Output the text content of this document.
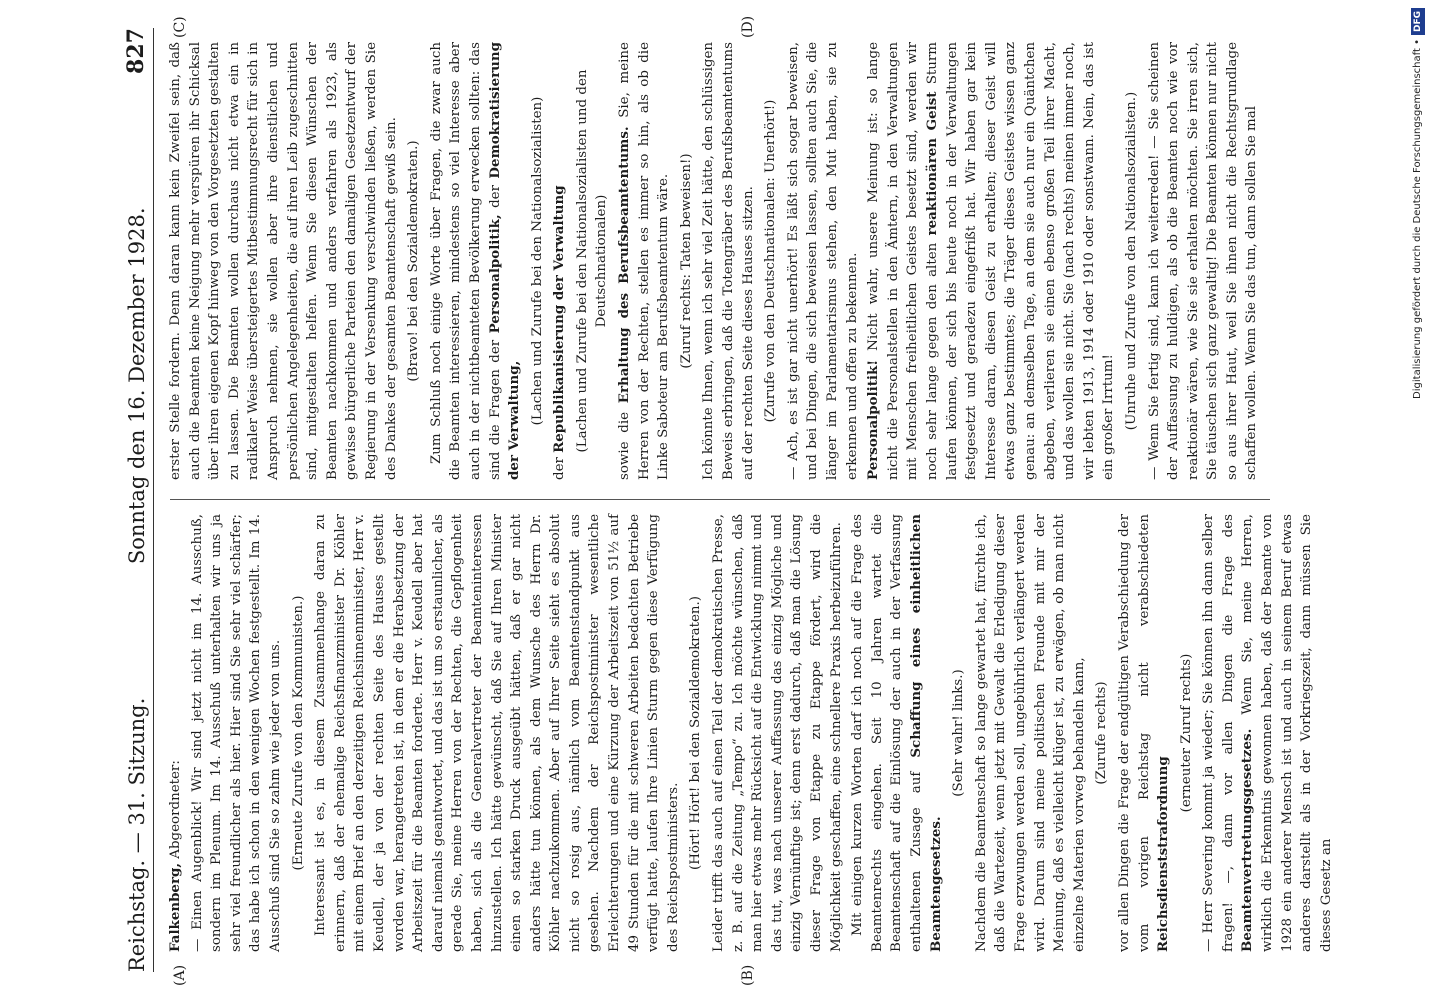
Reichstag. — 31. Sitzung.
Sonntag den 16. Dezember 1928.
827

Falkenberg, Abgeordneter: — Einen Augenblick! Wir sind jetzt nicht im 14. Ausschuß, sondern im Plenum. Im 14. Ausschuß unterhalten wir uns ja sehr viel freundlicher als hier. Hier sind Sie sehr viel schärfer; das habe ich schon in den wenigen Wochen festgestellt. Im 14. Ausschuß sind Sie so zahm wie jeder von uns. (Erneute Zurufe von den Kommunisten.) Interessant ist es, in diesem Zusammenhange daran zu erinnern, daß der ehemalige Reichsfinanzminister Dr. Köhler mit einem Brief an den derzeitigen Reichsinnenminister, Herr v. Keudell, der ja von der rechten Seite des Hauses gestellt worden war, herangetreten ist, in dem er die Herabsetzung der Arbeitszeit für die Beamten forderte. Herr v. Keudell aber hat darauf niemals geantwortet, und das ist um so erstaunlicher, als gerade Sie, meine Herren von der Rechten, die Gepflogenheit haben, sich als die Generalvertreter der Beamteninteressen hinzustellen. Ich hätte gewünscht, daß Sie auf Ihren Minister einen so starken Druck ausgeübt hätten, daß er gar nicht anders hätte tun können, als dem Wunsche des Herrn Dr. Köhler nachzukommen. Aber auf Ihrer Seite sieht es absolut nicht so rosig aus, nämlich vom Beamtenstandpunkt aus gesehen. Nachdem der Reichspostminister wesentliche Erleichterungen und eine Kürzung der Arbeitszeit von 51½ auf 49 Stunden für die mit schweren Arbeiten bedachten Betriebe verfügt hatte, laufen Ihre Linien Sturm gegen diese Verfügung des Reichspostministers. (Hört! Hört! bei den Sozialdemokraten.) Leider trifft das auch auf einen Teil der demokratischen Presse, z. B. auf die Zeitung „Tempo“ zu. Ich möchte wünschen, daß man hier etwas mehr Rücksicht auf die Entwicklung nimmt und das tut, was nach unserer Auffassung das einzig Mögliche und einzig Vernünftige ist; denn erst dadurch, daß man die Lösung dieser Frage von Etappe zu Etappe fördert, wird die Möglichkeit geschaffen, eine schnellere Praxis herbeizuführen. Mit einigen kurzen Worten darf ich noch auf die Frage des Beamtenrechts eingehen. Seit 10 Jahren wartet die Beamtenschaft auf die Einlösung der auch in der Verfassung enthaltenen Zusage auf Schaffung eines einheitlichen Beamtengesetzes.

(Sehr wahr! links.) Nachdem die Beamtenschaft so lange gewartet hat, fürchte ich, daß die Wartezeit, wenn jetzt mit Gewalt die Erledigung dieser Frage erzwungen werden soll, ungebührlich verlängert werden wird. Darum sind meine politischen Freunde mit mir der Meinung, daß es vielleicht klüger ist, zu erwägen, ob man nicht einzelne Materien vorweg behandeln kann, (Zurufe rechts) vor allen Dingen die Frage der endgültigen Verabschiedung der vom vorigen Reichstag nicht verabschiedeten Reichsdienststrafordnung

(erneuter Zuruf rechts) — Herr Severing kommt ja wieder; Sie können ihn dann selber fragen! —, dann vor allen Dingen die Frage des Beamtenvertretungsgesetzes. Wenn Sie, meine Herren, wirklich die Erkenntnis gewonnen haben, daß der Beamte von 1928 ein anderer Mensch ist und auch in seinem Beruf etwas anderes darstellt als in der Vorkriegszeit, dann müssen Sie dieses Gesetz an

erster Stelle fordern. Denn daran kann kein Zweifel sein, daß auch die Beamten keine Neigung mehr verspüren ihr Schicksal über ihren eigenen Kopf hinweg von den Vorgesetzten gestalten zu lassen. Die Beamten wollen durchaus nicht etwa ein in radikaler Weise übersteigertes Mitbestimmungsrecht für sich in Anspruch nehmen, sie wollen aber ihre dienstlichen und persönlichen Angelegenheiten, die auf ihren Leib zugeschnitten sind, mitgestalten helfen. Wenn Sie diesen Wünschen der Beamten nachkommen und anders verfahren als 1923, als gewisse bürgerliche Parteien den damaligen Gesetzentwurf der Regierung in der Versenkung verschwinden ließen, werden Sie des Dankes der gesamten Beamtenschaft gewiß sein. (Bravo! bei den Sozialdemokraten.) Zum Schluß noch einige Worte über Fragen, die zwar auch die Beamten interessieren, mindestens so viel Interesse aber auch in der nichtbeamteten Bevölkerung erwecken sollten: das sind die Fragen der Personalpolitik, der Demokratisierung der Verwaltung, (Lachen und Zurufe bei den Nationalsozialisten)

der Republikanisierung der Verwaltung (Lachen und Zurufe bei den Nationalsozialisten und den Deutschnationalen)

sowie die Erhaltung des Berufsbeamtentums. Sie, meine Herren von der Rechten, stellen es immer so hin, als ob die Linke Saboteur am Berufsbeamtentum wäre. (Zuruf rechts: Taten beweisen!) Ich könnte Ihnen, wenn ich sehr viel Zeit hätte, den schlüssigen Beweis erbringen, daß die Totengräber des Berufsbeamtentums auf der rechten Seite dieses Hauses sitzen. (Zurufe von den Deutschnationalen: Unerhört!) — Ach, es ist gar nicht unerhört! Es läßt sich sogar beweisen, und bei Dingen, die sich beweisen lassen, sollten auch Sie, die länger im Parlamentarismus stehen, den Mut haben, sie zu erkennen und offen zu bekennen. Personalpolitik! Nicht wahr, unsere Meinung ist: so lange nicht die Personalstellen in den Ämtern, in den Verwaltungen mit Menschen freiheitlichen Geistes besetzt sind, werden wir noch sehr lange gegen den alten reaktionären Geist Sturm laufen können, der sich bis heute noch in der Verwaltungen festgesetzt und geradezu eingefrißt hat. Wir haben gar kein Interesse daran, diesen Geist zu erhalten; dieser Geist will etwas ganz bestimmtes; die Träger dieses Geistes wissen ganz genau: an demselben Tage, an dem sie auch nur ein Quäntchen abgeben, verlieren sie einen ebenso großen Teil ihrer Macht, und das wollen sie nicht. Sie (nach rechts) meinen immer noch, wir lebten 1913, 1914 oder 1910 oder sonstwann. Nein, das ist ein großer Irrtum! (Unruhe und Zurufe von den Nationalsozialisten.) — Wenn Sie fertig sind, kann ich weiterreden! — Sie scheinen der Auffassung zu huldigen, als ob die Beamten noch wie vor reaktionär wären, wie Sie sie erhalten möchten. Sie irren sich, Sie täuschen sich ganz gewaltig! Die Beamten können nur nicht so aus ihrer Haut, weil Sie ihnen nicht die Rechtsgrundlage schaffen wollen. Wenn Sie das tun, dann sollen Sie mal

(A)	(B)
(C)	(D)
Digitalisierung gefördert durch die Deutsche Forschungsgemeinschaft •
DFG
